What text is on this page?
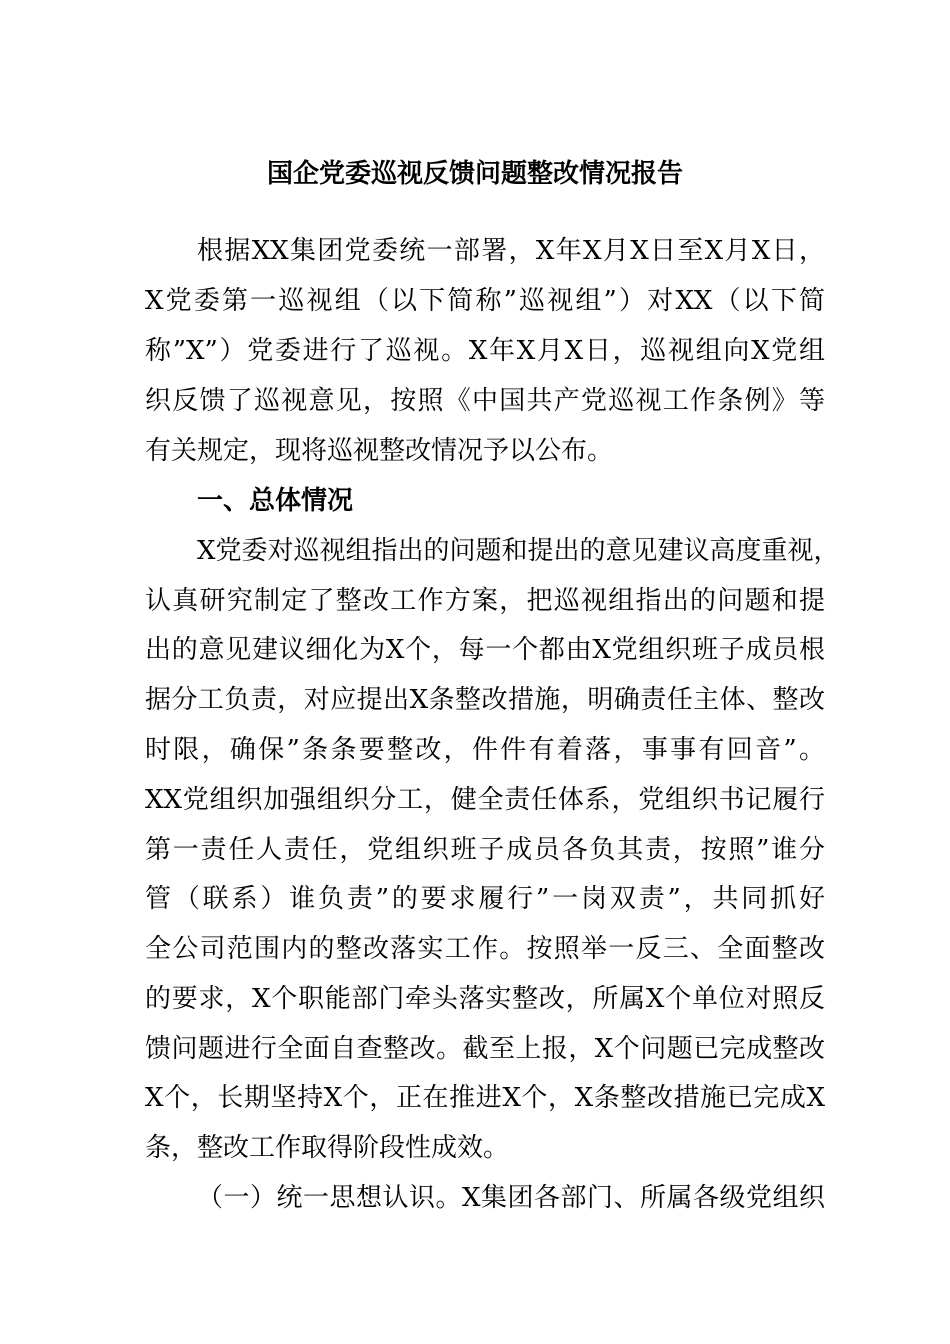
国企党委巡视反馈问题整改情况报告
根据XX集团党委统一部署，X年X月X日至X月X日，
X党委第一巡视组（以下简称”巡视组”）对XX（以下简
称”X”）党委进行了巡视。X年X月X日，巡视组向X党组
织反馈了巡视意见，按照《中国共产党巡视工作条例》等
有关规定，现将巡视整改情况予以公布。
一、总体情况
X党委对巡视组指出的问题和提出的意见建议高度重视，
认真研究制定了整改工作方案，把巡视组指出的问题和提
出的意见建议细化为X个，每一个都由X党组织班子成员根
据分工负责，对应提出X条整改措施，明确责任主体、整改
时限，确保”条条要整改，件件有着落，事事有回音”。
XX党组织加强组织分工，健全责任体系，党组织书记履行
第一责任人责任，党组织班子成员各负其责，按照”谁分
管（联系）谁负责”的要求履行”一岗双责”，共同抓好
全公司范围内的整改落实工作。按照举一反三、全面整改
的要求，X个职能部门牵头落实整改，所属X个单位对照反
馈问题进行全面自查整改。截至上报，X个问题已完成整改
X个，长期坚持X个，正在推进X个，X条整改措施已完成X
条，整改工作取得阶段性成效。
（一）统一思想认识。X集团各部门、所属各级党组织
